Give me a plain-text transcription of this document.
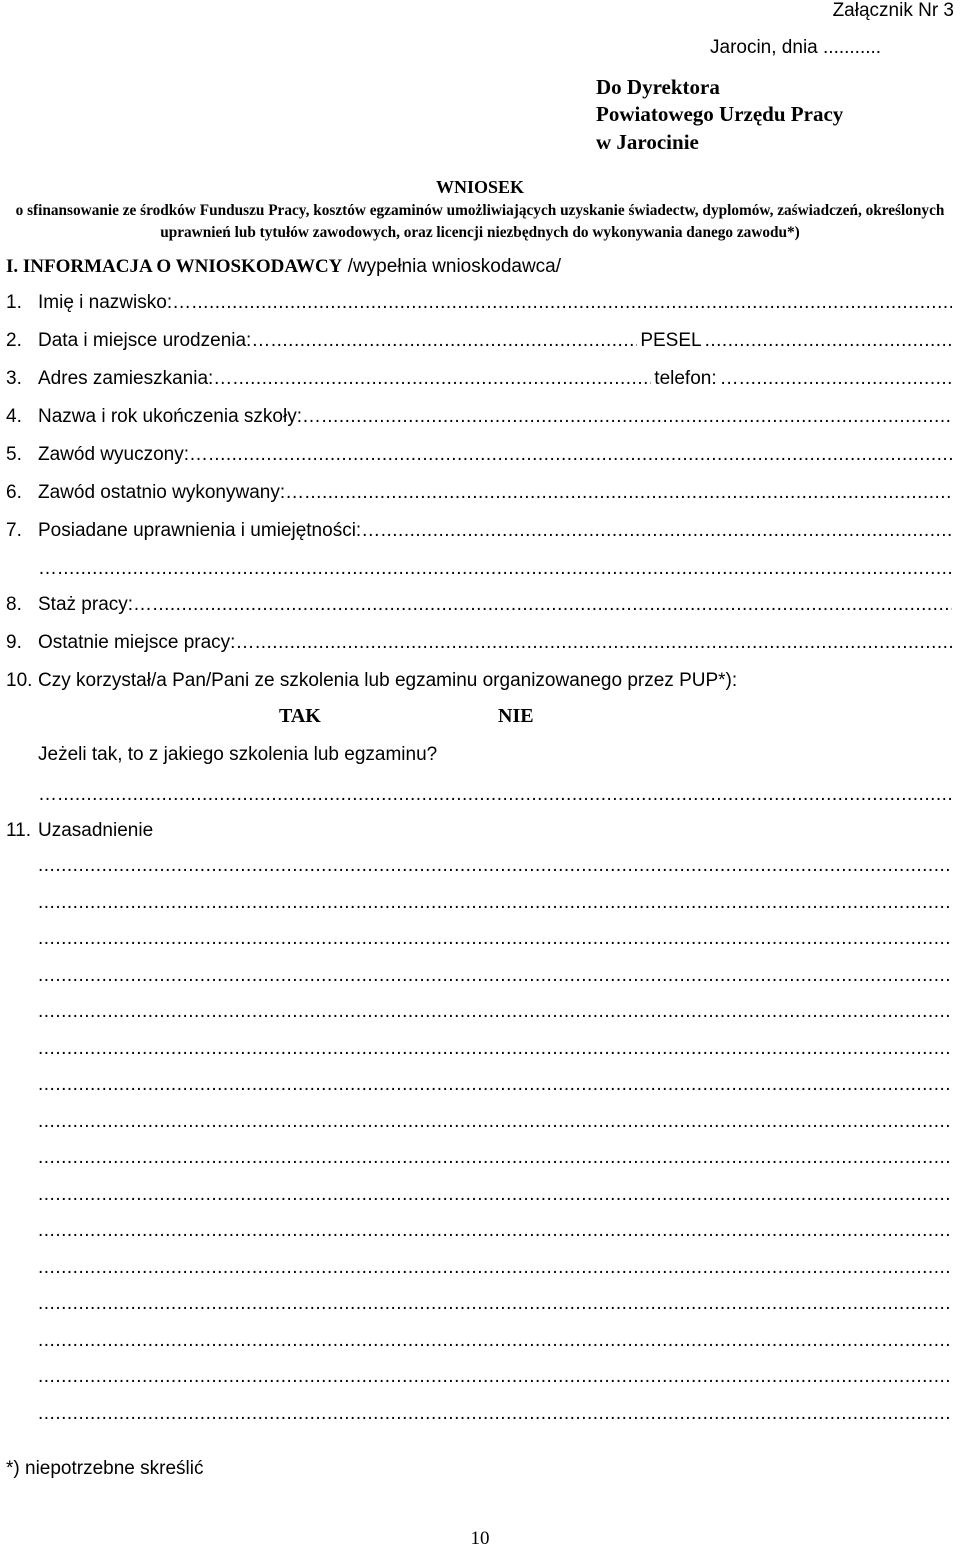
Załącznik Nr 3
Jarocin, dnia ...........
Do Dyrektora
Powiatowego Urzędu Pracy
w Jarocinie
WNIOSEK
o sfinansowanie ze środków Funduszu Pracy, kosztów egzaminów umożliwiających uzyskanie świadectw, dyplomów, zaświadczeń, określonych uprawnień lub tytułów zawodowych, oraz licencji niezbędnych do wykonywania danego zawodu*)
I. INFORMACJA O WNIOSKODAWCY /wypełnia wnioskodawca/
1. Imię i nazwisko:
…............................................................................................................................................................................................................................................................................................................................................................................................................
2. Data i miejsce urodzenia: …............................................................................................................................................................................................................................................................................................................................................................................................................	PESEL
.....
3. Adres zamieszkania: …............................................................................................................................................................................................................................................................................................................................................................................................................	telefon:
…............................................................................................................................................................................................................................................................................................................................................................................................................
4. Nazwa i rok ukończenia szkoły:
…............................................................................................................................................................................................................................................................................................................................................................................................................
5. Zawód wyuczony:
…............................................................................................................................................................................................................................................................................................................................................................................................................
6. Zawód ostatnio wykonywany:
…............................................................................................................................................................................................................................................................................................................................................................................................................
7. Posiadane uprawnienia i umiejętności:
…............................................................................................................................................................................................................................................................................................................................................................................................................
…............................................................................................................................................................................................................................................................................................................................................................................................................
8. Staż pracy:
…............................................................................................................................................................................................................................................................................................................................................................................................................
9. Ostatnie miejsce pracy:
…............................................................................................................................................................................................................................................................................................................................................................................................................
10. Czy korzystał/a Pan/Pani ze szkolenia lub egzaminu organizowanego przez PUP*):
TAK	NIE
Jeżeli tak, to z jakiego szkolenia lub egzaminu?
…............................................................................................................................................................................................................................................................................................................................................................................................................
11. Uzasadnienie
.....
.....
.....
.....
.....
.....
.....
.....
.....
.....
.....
.....
.....
.....
.....
.....
*) niepotrzebne skreślić
10
